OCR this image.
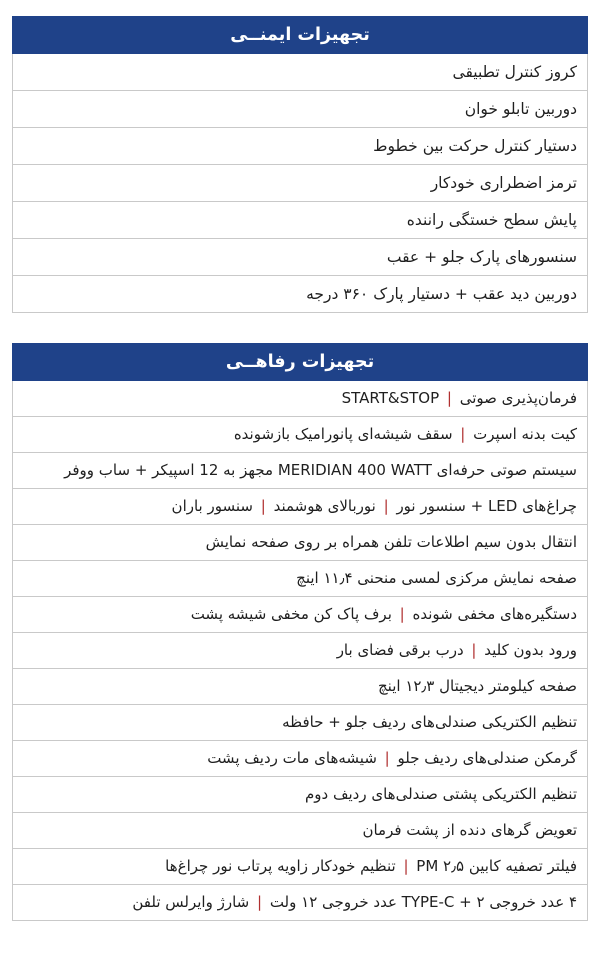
تجهیزات ایمنــی
کروز کنترل تطبیقی
دوربین تابلو خوان
دستیار کنترل حرکت بین خطوط
ترمز اضطراری خودکار
پایش سطح خستگی راننده
سنسورهای پارک جلو + عقب
دوربین دید عقب + دستیار پارک ۳۶۰ درجه
تجهیزات رفاهــی
فرمان‌پذیری صوتی | START&STOP
کیت بدنه اسپرت | سقف شیشه‌ای پانورامیک بازشونده
سیستم صوتی حرفه‌ای MERIDIAN 400 WATT مجهز به 12 اسپیکر + ساب ووفر
چراغ‌های LED + سنسور نور | نوربالای هوشمند | سنسور باران
انتقال بدون سیم اطلاعات تلفن همراه بر روی صفحه نمایش
صفحه نمایش مرکزی لمسی منحنی ۱۱٫۴ اینچ
دستگیره‌های مخفی شونده | برف پاک کن مخفی شیشه پشت
ورود بدون کلید | درب برقی فضای بار
صفحه کیلومتر دیجیتال ۱۲٫۳ اینچ
تنظیم الکتریکی صندلی‌های ردیف جلو + حافظه
گرمکن صندلی‌های ردیف جلو | شیشه‌های مات ردیف پشت
تنظیم الکتریکی پشتی صندلی‌های ردیف دوم
تعویض گرهای دنده از پشت فرمان
فیلتر تصفیه کابین PM ۲٫۵ | تنظیم خودکار زاویه پرتاب نور چراغ‌ها
۴ عدد خروجی TYPE-C + ۲ عدد خروجی ۱۲ ولت | شارژ وایرلس تلفن
